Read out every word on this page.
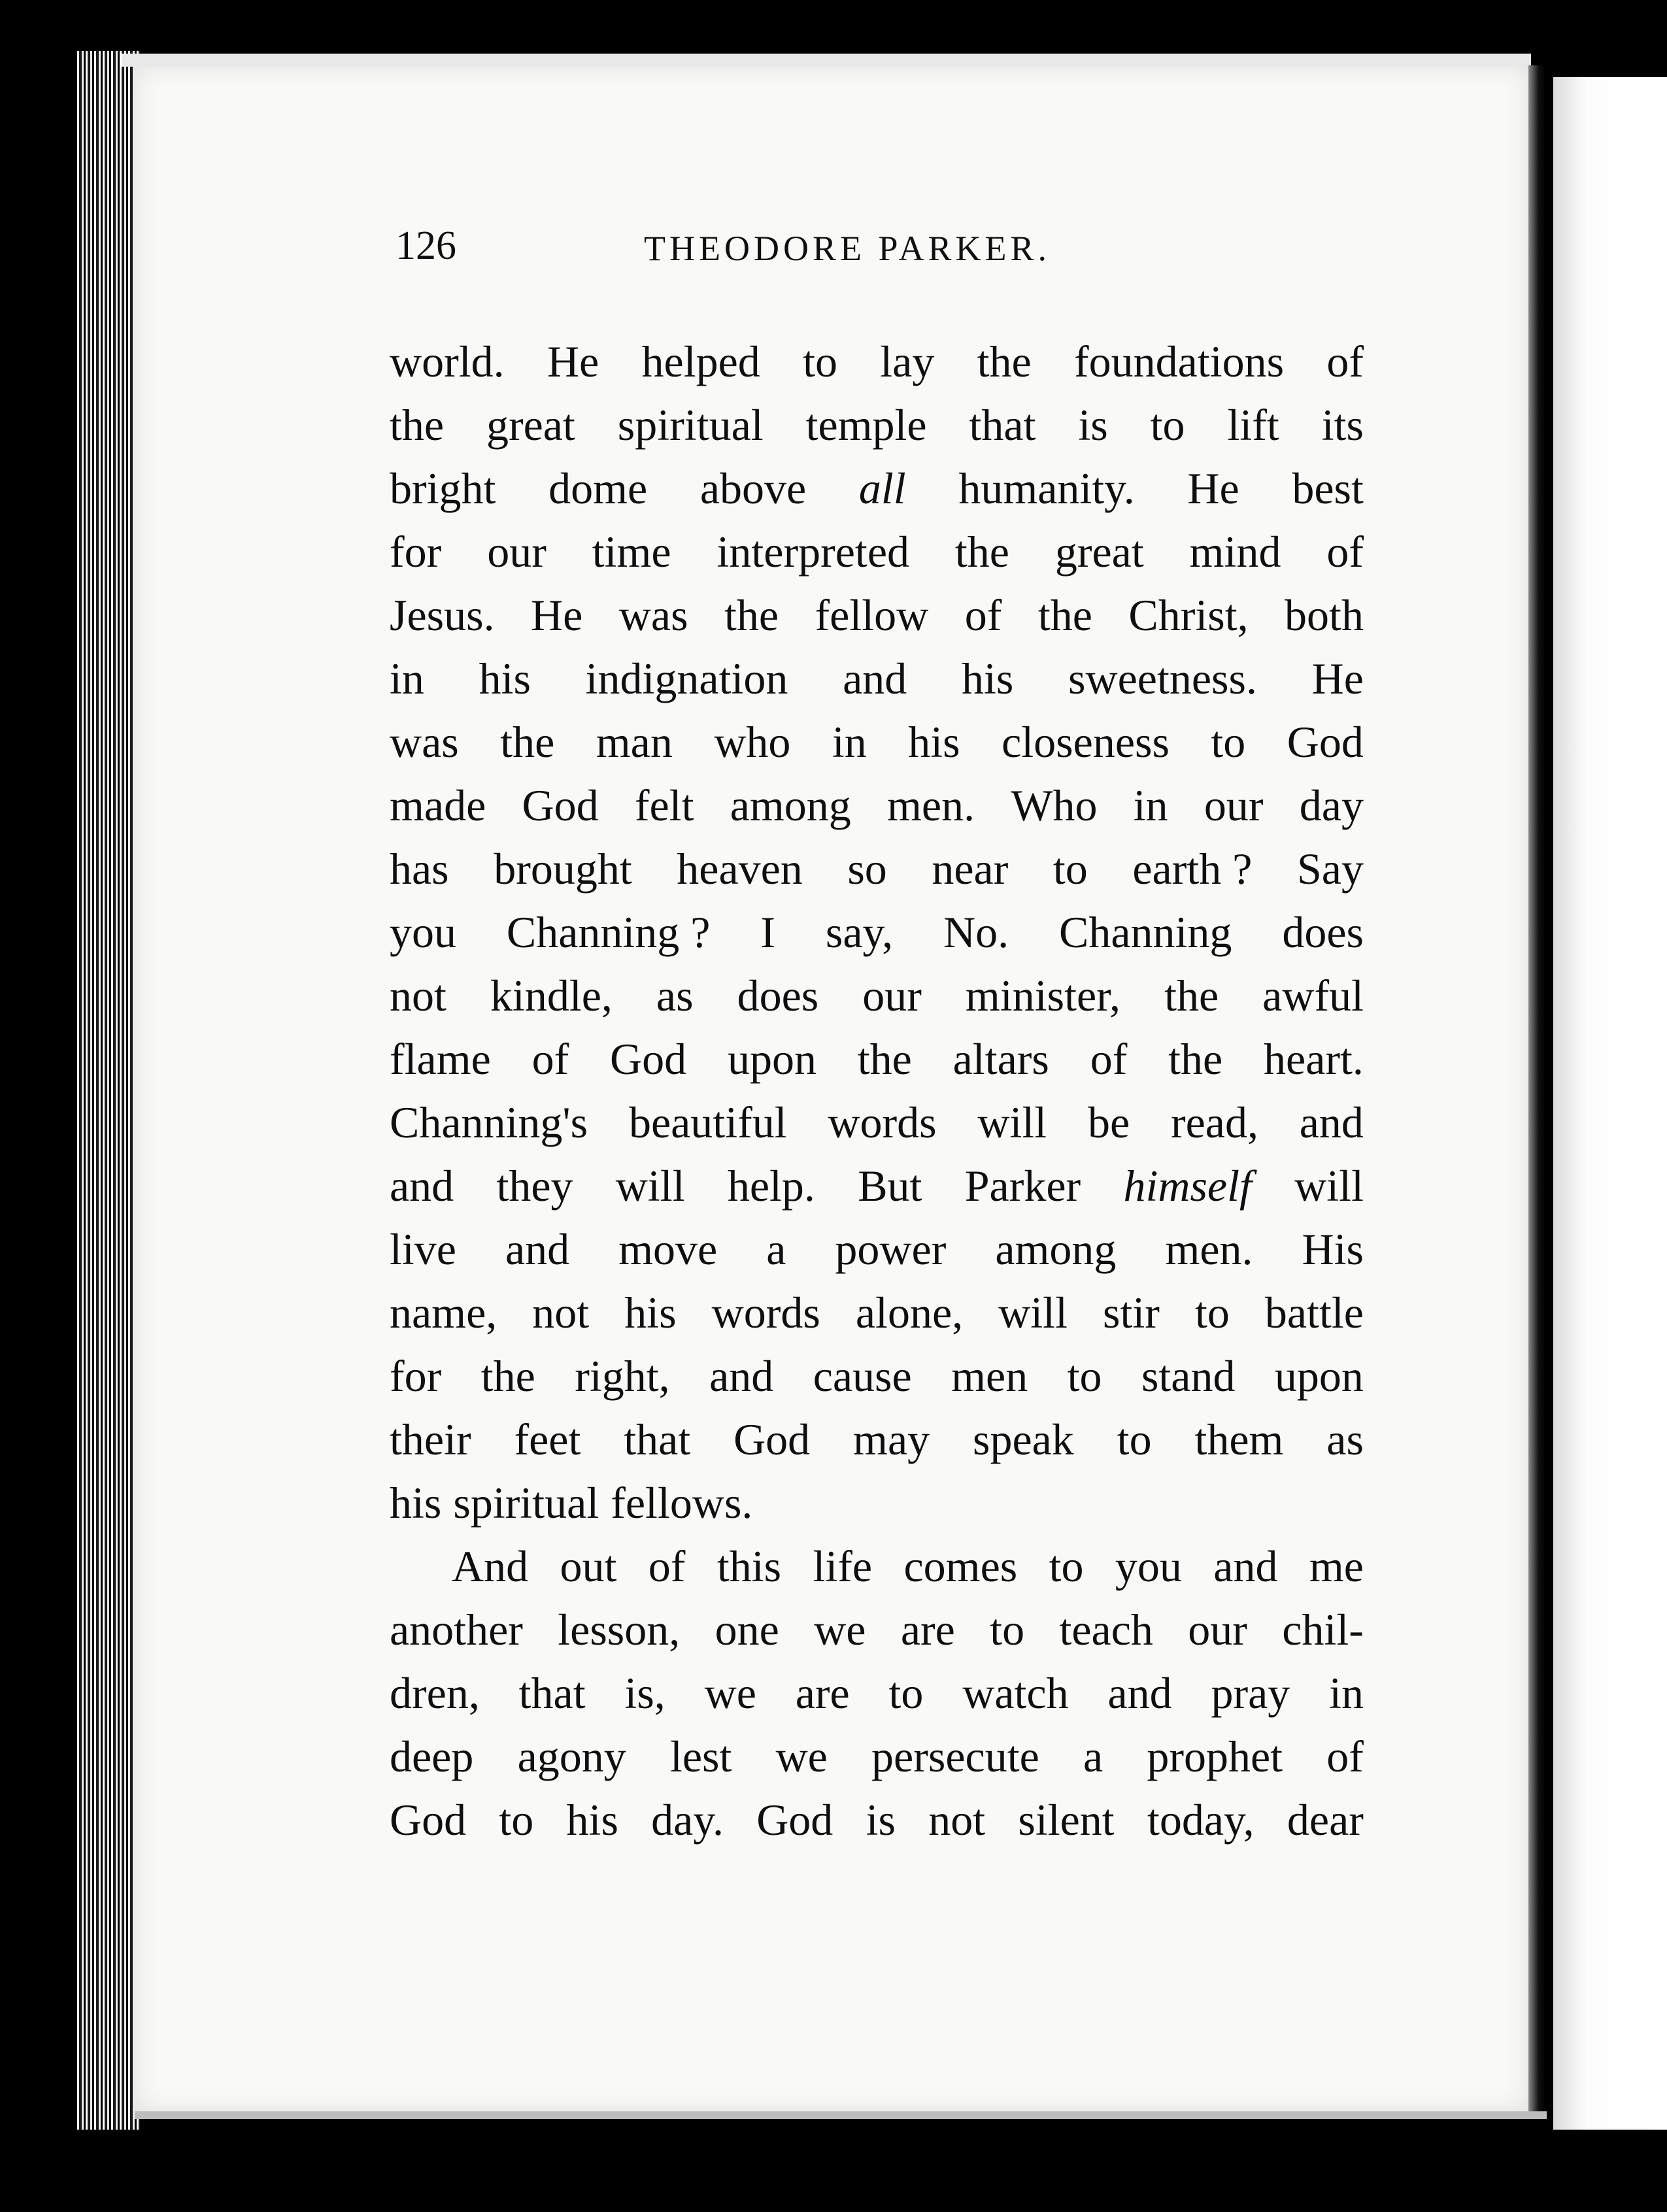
126	THEODORE PARKER.
world. He helped to lay the foundations of
the great spiritual temple that is to lift its
bright dome above all humanity. He best
for our time interpreted the great mind of
Jesus. He was the fellow of the Christ, both
in his indignation and his sweetness. He
was the man who in his closeness to God
made God felt among men. Who in our day
has brought heaven so near to earth ? Say
you Channing ? I say, No. Channing does
not kindle, as does our minister, the awful
flame of God upon the altars of the heart.
Channing's beautiful words will be read, and
and they will help. But Parker himself will
live and move a power among men. His
name, not his words alone, will stir to battle
for the right, and cause men to stand upon
their feet that God may speak to them as
his spiritual fellows.
And out of this life comes to you and me
another lesson, one we are to teach our chil-
dren, that is, we are to watch and pray in
deep agony lest we persecute a prophet of
God to his day. God is not silent today, dear
